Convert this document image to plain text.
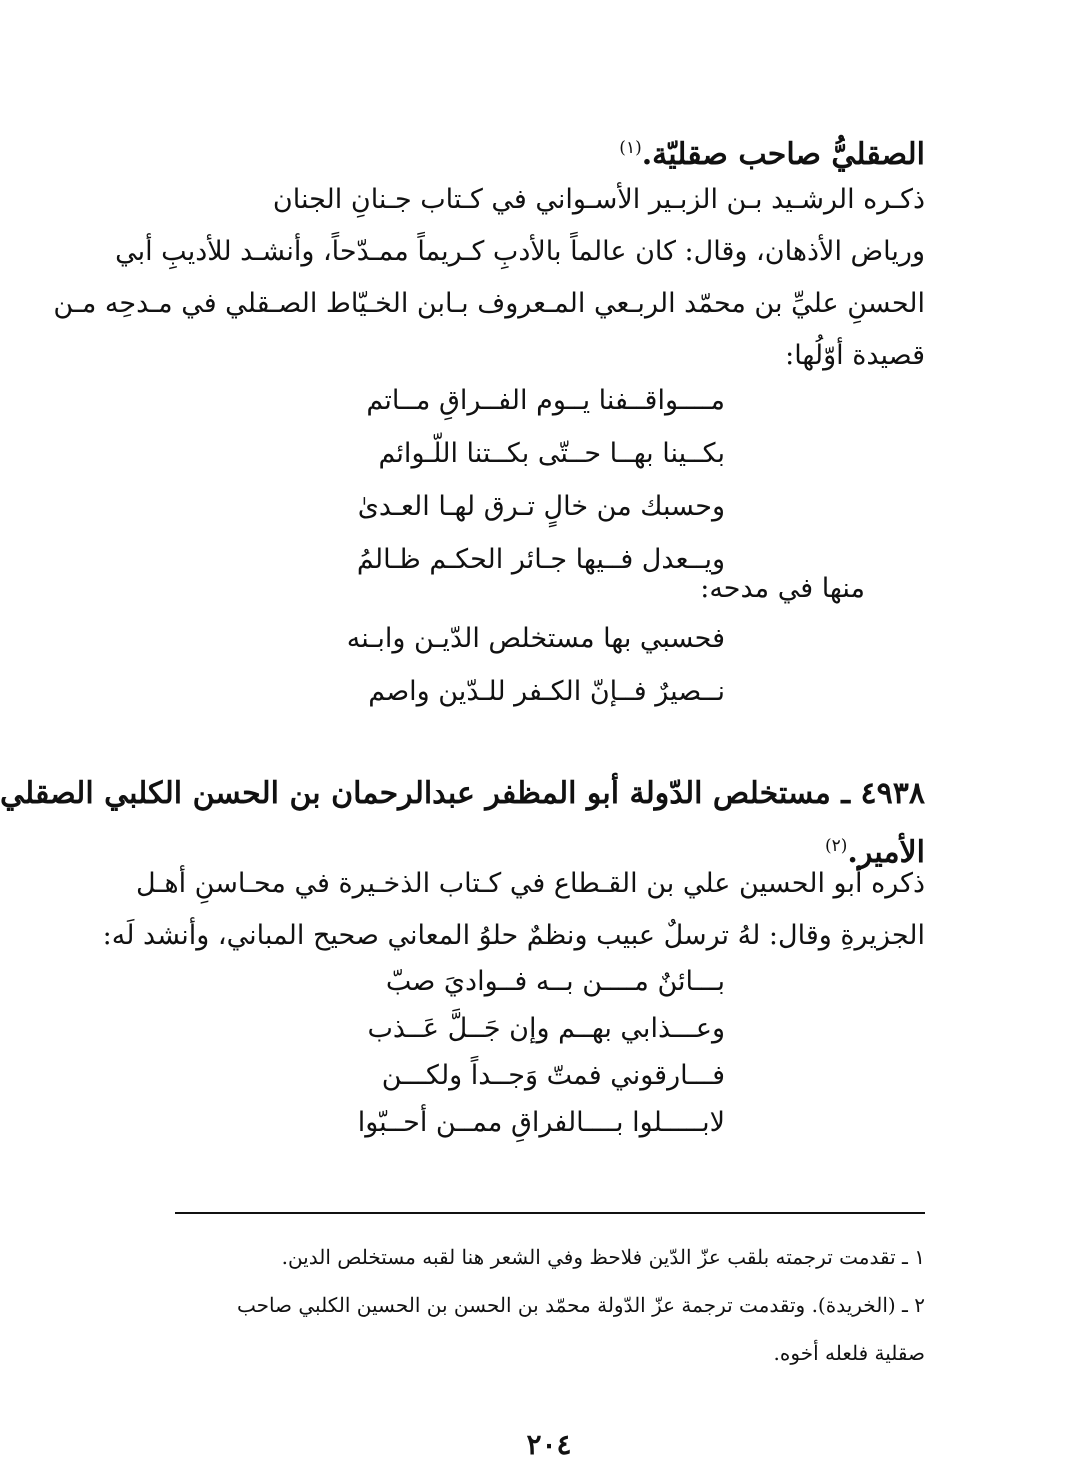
الصقليُّ صاحب صقليّة.$^{(١)}$
ذكـره الرشـيد بـن الزبـير الأسـواني في كـتاب جـنانِ الجنان
ورياض الأذهان، وقال: كان عالماً بالأدبِ كـريماً ممـدّحاً، وأنشـد للأديبِ أبي
الحسنِ عليِّ بن محمّد الربـعي المـعروف بـابن الخـيّاط الصـقلي في مـدحِه مـن
قصيدة أوّلُها:
مــــواقــفنا يــوم الفــراقِ مــاتم
بكــينا بهــا حــتّى بكــتنا اللّـوائم
وحسبك من خالٍ تـرق لهـا العـدىٰ
ويــعدل فــيها جـائر الحكـم ظـالمُ
منها في مدحه:
فحسبي بها مستخلص الدّيـن وابـنه
نــصيرٌ فــإنّ الكـفر للـدّين واصم
٤٩٣٨ ـ مستخلص الدّولة أبو المظفر عبدالرحمان بن الحسن الكلبي الصقلي
الأمير.$^{(٢)}$
ذكره أبو الحسين علي بن القـطاع في كـتاب الذخـيرة في محـاسنِ أهـل
الجزيرةِ وقال: لهُ ترسلٌ عبيب ونظمٌ حلوُ المعاني صحيح المباني، وأنشد لَه:
بـــائنٌ مــــن بــه فــواديَ صبّ
وعـــذابي بهــم وإن جَــلَّ عَــذب
فـــارقوني فمتّ وَجــداً ولكـــن
لابـــــلوا بــــالفراقِ ممــن أحــبّوا
١ ـ تقدمت ترجمته بلقب عزّ الدّين فلاحظ وفي الشعر هنا لقبه مستخلص الدين.
٢ ـ (الخريدة). وتقدمت ترجمة عزّ الدّولة محمّد بن الحسن بن الحسين الكلبي صاحب
صقلية فلعله أخوه.
٢٠٤
